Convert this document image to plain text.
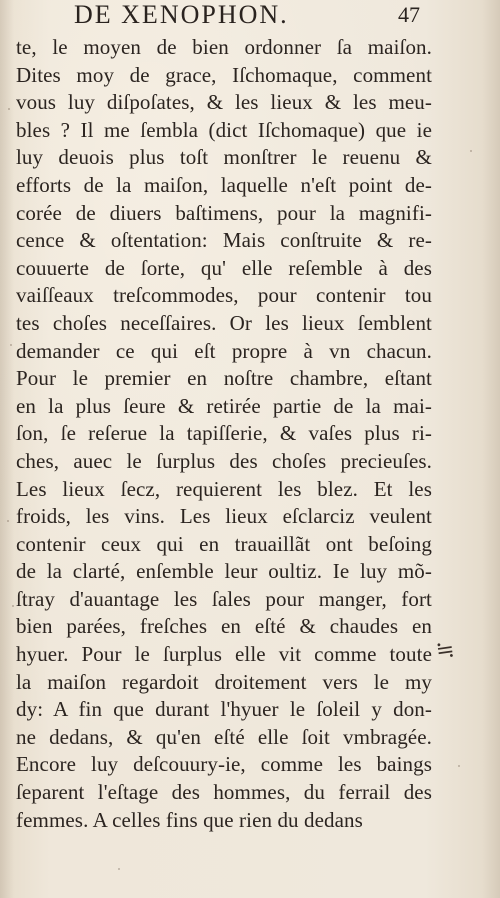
DE XENOPHON.	47
te, le moyen de bien ordonner ſa maiſon.
Dites moy de grace, Iſchomaque, comment
vous luy diſpoſates, & les lieux & les meu-
bles ? Il me ſembla (dict Iſchomaque) que ie
luy deuois plus toſt monſtrer le reuenu &
efforts de la maiſon, laquelle n'eſt point de-
corée de diuers baſtimens, pour la magnifi-
cence & oſtentation: Mais conſtruite & re-
couuerte de ſorte, qu' elle reſemble à des
vaiſſeaux treſcommodes, pour contenir tou
tes choſes neceſſaires. Or les lieux ſemblent
demander ce qui eſt propre à vn chacun.
Pour le premier en noſtre chambre, eſtant
en la plus ſeure & retirée partie de la mai-
ſon, ſe reſerue la tapiſſerie, & vaſes plus ri-
ches, auec le ſurplus des choſes precieuſes.
Les lieux ſecz, requierent les blez. Et les
froids, les vins. Les lieux eſclarciz veulent
contenir ceux qui en trauaillãt ont beſoing
de la clarté, enſemble leur oultiz. Ie luy mõ-
ſtray d'auantage les ſales pour manger, fort
bien parées, freſches en eſté & chaudes en
hyuer. Pour le ſurplus elle vit comme toute
la maiſon regardoit droitement vers le my
dy: A fin que durant l'hyuer le ſoleil y don-
ne dedans, & qu'en eſté elle ſoit vmbragée.
Encore luy deſcouury-ie, comme les baings
ſeparent l'eſtage des hommes, du ferrail des
femmes. A celles fins que rien du dedans
≒
